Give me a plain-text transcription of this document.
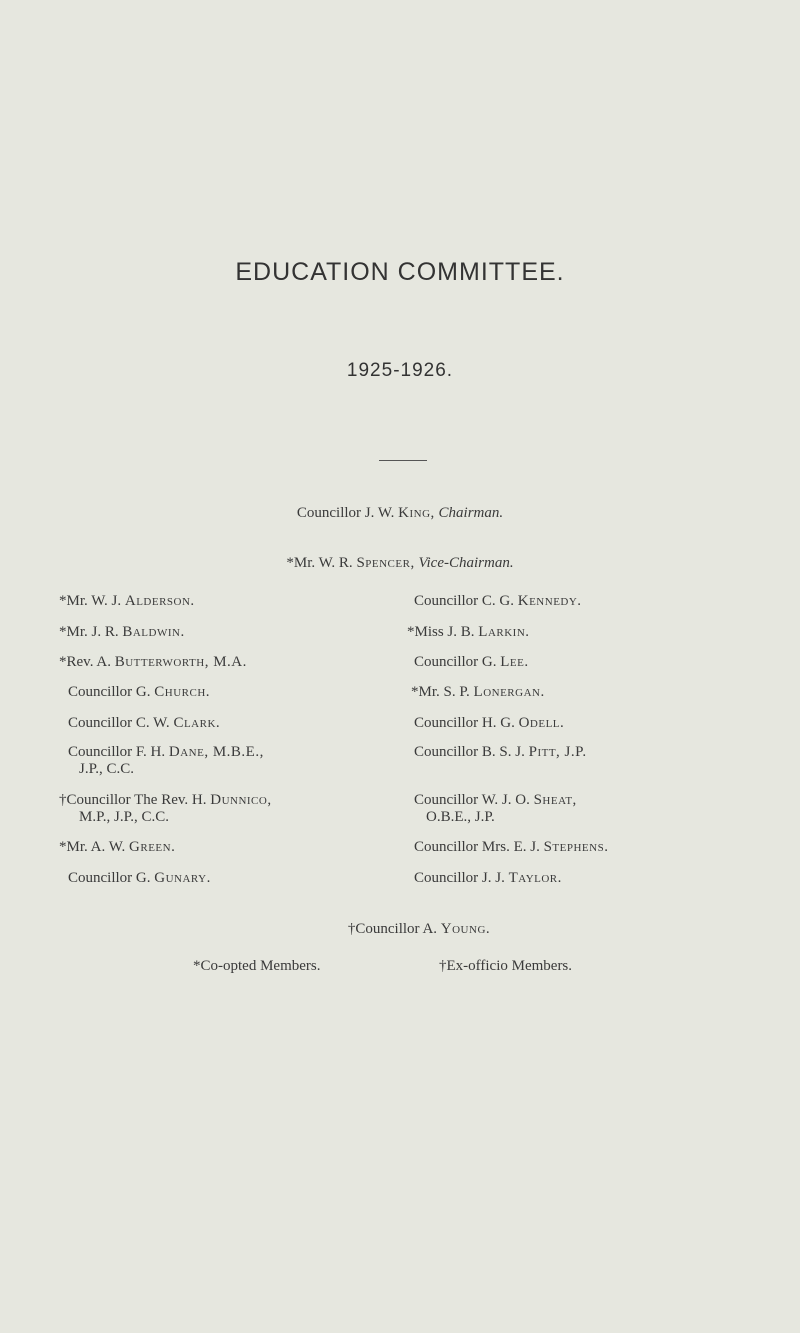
EDUCATION COMMITTEE.
1925-1926.
Councillor J. W. King, Chairman.
*Mr. W. R. Spencer, Vice-Chairman.
*Mr. W. J. Alderson.
*Mr. J. R. Baldwin.
*Rev. A. Butterworth, M.A.
Councillor G. Church.
Councillor C. W. Clark.
Councillor F. H. Dane, M.B.E.,
J.P., C.C.
†Councillor The Rev. H. Dunnico,
M.P., J.P., C.C.
*Mr. A. W. Green.
Councillor G. Gunary.
Councillor C. G. Kennedy.
*Miss J. B. Larkin.
Councillor G. Lee.
*Mr. S. P. Lonergan.
Councillor H. G. Odell.
Councillor B. S. J. Pitt, J.P.
Councillor W. J. O. Sheat,
O.B.E., J.P.
Councillor Mrs. E. J. Stephens.
Councillor J. J. Taylor.
†Councillor A. Young.
*Co-opted Members.	†Ex-officio Members.
